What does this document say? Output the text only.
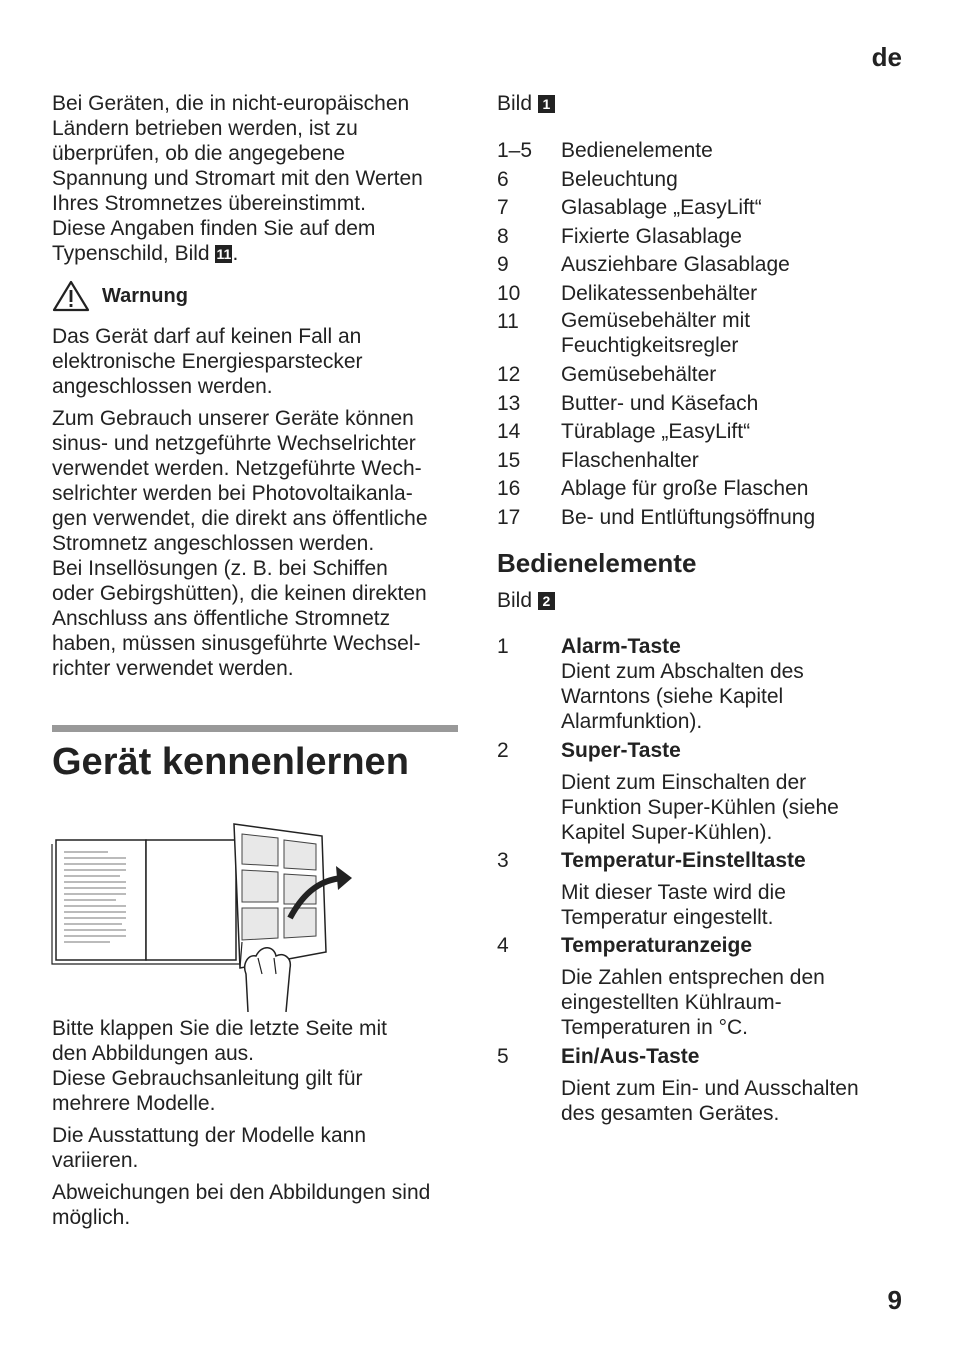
de

Bei Geräten, die in nicht-europäischen

Ländern betrieben werden, ist zu

überprüfen, ob die angegebene

Spannung und Stromart mit den Werten

Ihres Stromnetzes übereinstimmt.

Diese Angaben finden Sie auf dem

Typenschild, Bild 11.

Warnung

Das Gerät darf auf keinen Fall an

elektronische Energiesparstecker

angeschlossen werden.

Zum Gebrauch unserer Geräte können

sinus- und netzgeführte Wechselrichter

verwendet werden. Netzgeführte Wech-

selrichter werden bei Photovoltaikanla-

gen verwendet, die direkt ans öffentliche

Stromnetz angeschlossen werden.

Bei Insellösungen (z. B. bei Schiffen

oder Gebirgshütten), die keinen direkten

Anschluss ans öffentliche Stromnetz

haben, müssen sinusgeführte Wechsel-

richter verwendet werden.

Gerät kennenlernen

Bitte klappen Sie die letzte Seite mit

den Abbildungen aus.

Diese Gebrauchsanleitung gilt für

mehrere Modelle.

Die Ausstattung der Modelle kann

variieren.

Abweichungen bei den Abbildungen sind

möglich.

Bild 1
1–5	Bedienelemente
6	Beleuchtung
7	Glasablage „EasyLift“
8	Fixierte Glasablage
9	Ausziehbare Glasablage
10	Delikatessenbehälter
11	Gemüsebehälter mit
Feuchtigkeitsregler
12	Gemüsebehälter
13	Butter- und Käsefach
14	Türablage „EasyLift“
15	Flaschenhalter
16	Ablage für große Flaschen
17	Be- und Entlüftungsöffnung
Bedienelemente
Bild 2
1	Alarm-Taste

Dient zum Abschalten des

Warntons (siehe Kapitel

Alarmfunktion).

2	Super-Taste

Dient zum Einschalten der

Funktion Super-Kühlen (siehe

Kapitel Super-Kühlen).

3	Temperatur-Einstelltaste

Mit dieser Taste wird die

Temperatur eingestellt.

4	Temperaturanzeige

Die Zahlen entsprechen den

eingestellten Kühlraum-

Temperaturen in °C.

5	Ein/Aus-Taste

Dient zum Ein- und Ausschalten

des gesamten Gerätes.

9
